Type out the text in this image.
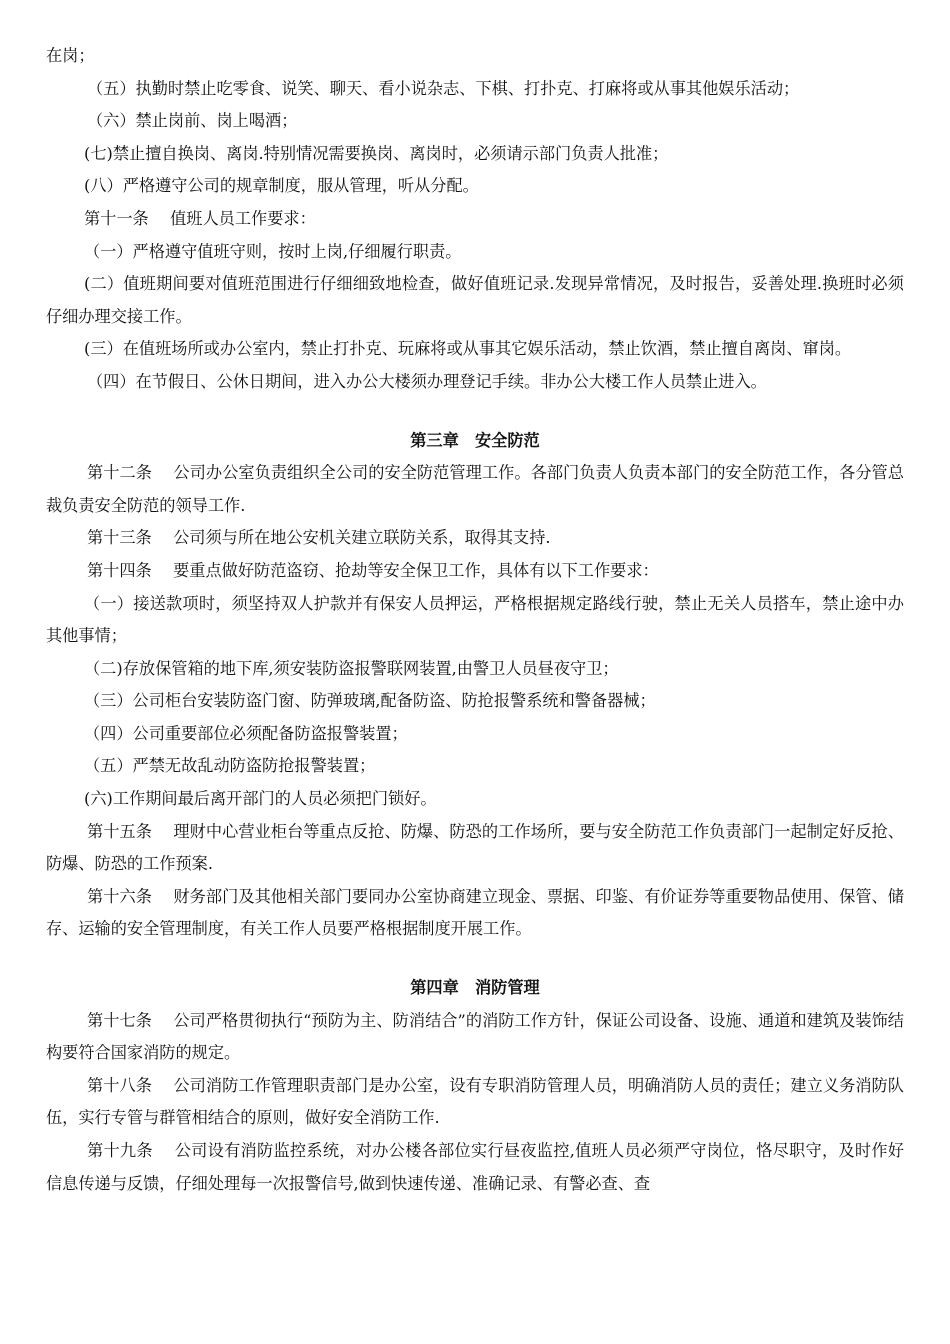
在岗；

（五）执勤时禁止吃零食、说笑、聊天、看小说杂志、下棋、打扑克、打麻将或从事其他娱乐活动；

（六）禁止岗前、岗上喝酒；

(七)禁止擅自换岗、离岗.特别情况需要换岗、离岗时，必须请示部门负责人批准；

(八）严格遵守公司的规章制度，服从管理，听从分配。

第十一条　 值班人员工作要求：

（一）严格遵守值班守则，按时上岗,仔细履行职责。

(二）值班期间要对值班范围进行仔细细致地检查，做好值班记录.发现异常情况，及时报告，妥善处理.换班时必须仔细办理交接工作。

(三）在值班场所或办公室内，禁止打扑克、玩麻将或从事其它娱乐活动，禁止饮酒，禁止擅自离岗、窜岗。

（四）在节假日、公休日期间，进入办公大楼须办理登记手续。非办公大楼工作人员禁止进入。

第三章　安全防范

第十二条　 公司办公室负责组织全公司的安全防范管理工作。各部门负责人负责本部门的安全防范工作，各分管总裁负责安全防范的领导工作.

第十三条　 公司须与所在地公安机关建立联防关系，取得其支持.

第十四条　 要重点做好防范盗窃、抢劫等安全保卫工作，具体有以下工作要求：

（一）接送款项时，须坚持双人护款并有保安人员押运，严格根据规定路线行驶，禁止无关人员搭车，禁止途中办其他事情；

（二)存放保管箱的地下库,须安装防盗报警联网装置,由警卫人员昼夜守卫；

（三）公司柜台安装防盗门窗、防弹玻璃,配备防盗、防抢报警系统和警备器械；

（四）公司重要部位必须配备防盗报警装置；

（五）严禁无故乱动防盗防抢报警装置；

(六)工作期间最后离开部门的人员必须把门锁好。

第十五条　 理财中心营业柜台等重点反抢、防爆、防恐的工作场所，要与安全防范工作负责部门一起制定好反抢、防爆、防恐的工作预案.

第十六条　 财务部门及其他相关部门要同办公室协商建立现金、票据、印鉴、有价证券等重要物品使用、保管、储存、运输的安全管理制度，有关工作人员要严格根据制度开展工作。

第四章　消防管理

第十七条　 公司严格贯彻执行“预防为主、防消结合”的消防工作方针，保证公司设备、设施、通道和建筑及装饰结构要符合国家消防的规定。

第十八条　 公司消防工作管理职责部门是办公室，设有专职消防管理人员，明确消防人员的责任；建立义务消防队伍，实行专管与群管相结合的原则，做好安全消防工作.

第十九条　 公司设有消防监控系统，对办公楼各部位实行昼夜监控,值班人员必须严守岗位，恪尽职守，及时作好信息传递与反馈，仔细处理每一次报警信号,做到快速传递、准确记录、有警必查、查
